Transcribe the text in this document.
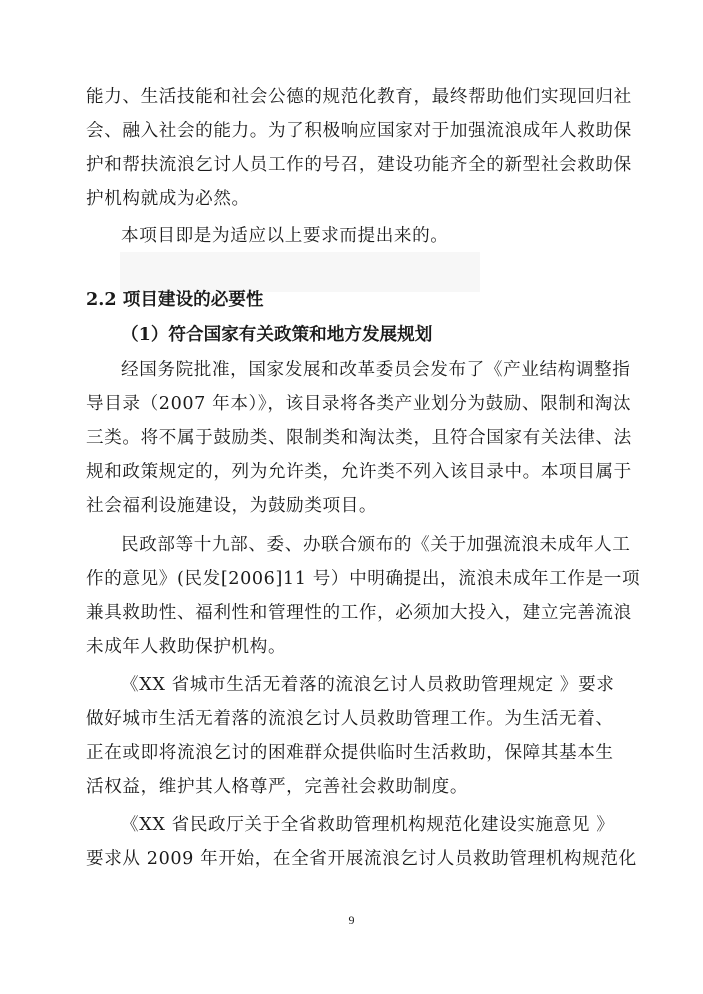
能力、生活技能和社会公德的规范化教育，最终帮助他们实现回归社
会、融入社会的能力。为了积极响应国家对于加强流浪成年人救助保
护和帮扶流浪乞讨人员工作的号召，建设功能齐全的新型社会救助保
护机构就成为必然。
本项目即是为适应以上要求而提出来的。
2.2 项目建设的必要性
（1）符合国家有关政策和地方发展规划
经国务院批准，国家发展和改革委员会发布了《产业结构调整指
导目录（2007 年本）》，该目录将各类产业划分为鼓励、限制和淘汰
三类。将不属于鼓励类、限制类和淘汰类，且符合国家有关法律、法
规和政策规定的，列为允许类，允许类不列入该目录中。本项目属于
社会福利设施建设，为鼓励类项目。
民政部等十九部、委、办联合颁布的《关于加强流浪未成年人工
作的意见》(民发[2006]11 号）中明确提出，流浪未成年工作是一项
兼具救助性、福利性和管理性的工作，必须加大投入，建立完善流浪
未成年人救助保护机构。
《XX 省城市生活无着落的流浪乞讨人员救助管理规定 》要求
做好城市生活无着落的流浪乞讨人员救助管理工作。为生活无着、
正在或即将流浪乞讨的困难群众提供临时生活救助，保障其基本生
活权益，维护其人格尊严，完善社会救助制度。
《XX 省民政厅关于全省救助管理机构规范化建设实施意见 》
要求从 2009 年开始，在全省开展流浪乞讨人员救助管理机构规范化
9
